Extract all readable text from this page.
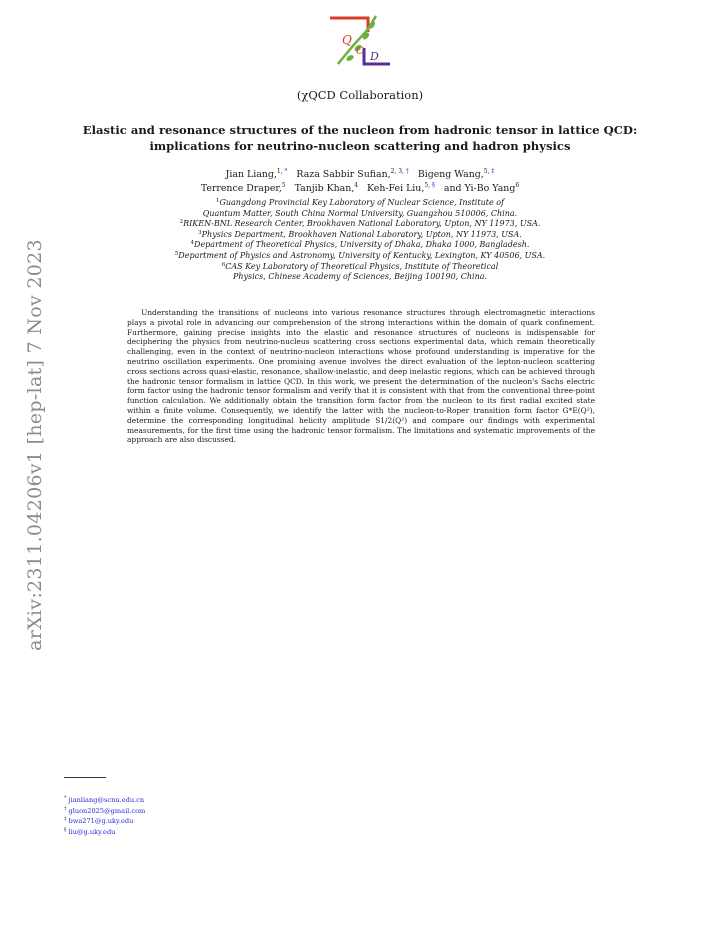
arXiv:2311.04206v1 [hep-lat] 7 Nov 2023
Q
C D
(χQCD Collaboration)
Elastic and resonance structures of the nucleon from hadronic tensor in lattice QCD:
implications for neutrino-nucleon scattering and hadron physics
Jian Liang,$^{1,}$ * Raza Sabbir Sufian,$^{2, 3,}$ † Bigeng Wang,$^{5,}$ ‡
Terrence Draper,$^5$ Tanjib Khan,$^4$ Keh-Fei Liu,$^{5,}$ § and Yi-Bo Yang$^6$
$^1$Guangdong Provincial Key Laboratory of Nuclear Science, Institute of
Quantum Matter, South China Normal University, Guangzhou 510006, China.
$^2$RIKEN-BNL Research Center, Brookhaven National Laboratory, Upton, NY 11973, USA.
$^3$Physics Department, Brookhaven National Laboratory, Upton, NY 11973, USA.
$^4$Department of Theoretical Physics, University of Dhaka, Dhaka 1000, Bangladesh.
$^5$Department of Physics and Astronomy, University of Kentucky, Lexington, KY 40506, USA.
$^6$CAS Key Laboratory of Theoretical Physics, Institute of Theoretical
Physics, Chinese Academy of Sciences, Beijing 100190, China.

Understanding the transitions of nucleons into various resonance structures through electromagnetic interactions plays a pivotal role in advancing our comprehension of the strong interactions within the domain of quark confinement. Furthermore, gaining precise insights into the elastic and resonance structures of nucleons is indispensable for deciphering the physics from neutrino-nucleus scattering cross sections experimental data, which remain theoretically challenging, even in the context of neutrino-nucleon interactions whose profound understanding is imperative for the neutrino oscillation experiments. One promising avenue involves the direct evaluation of the lepton-nucleon scattering cross sections across quasi-elastic, resonance, shallow-inelastic, and deep inelastic regions, which can be achieved through the hadronic tensor formalism in lattice QCD. In this work, we present the determination of the nucleon's Sachs electric form factor using the hadronic tensor formalism and verify that it is consistent with that from the conventional three-point function calculation. We additionally obtain the transition form factor from the nucleon to its first radial excited state within a finite volume. Consequently, we identify the latter with the nucleon-to-Roper transition form factor G*E(Q²), determine the corresponding longitudinal helicity amplitude S1/2(Q²) and compare our findings with experimental measurements, for the first time using the hadronic tensor formalism. The limitations and systematic improvements of the approach are also discussed.

* jianliang@scnu.edu.cn
† gluon2025@gmail.com
‡ bwa271@g.uky.edu
§ liu@g.uky.edu
